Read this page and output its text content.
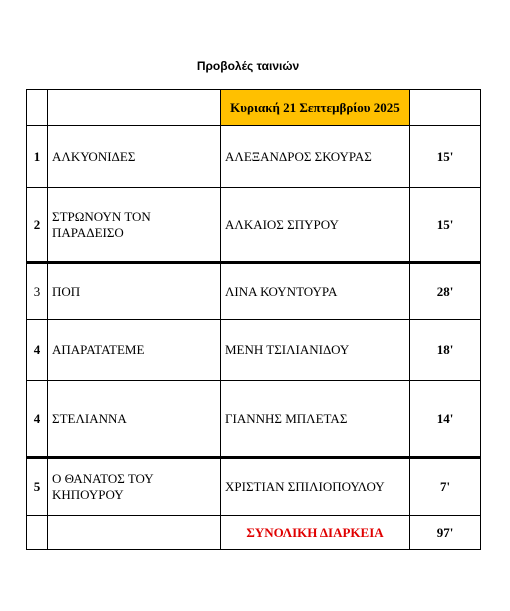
Προβολές ταινιών
		Κυριακή 21 Σεπτεμβρίου 2025	
1	ΑΛΚΥΟΝΙΔΕΣ	ΑΛΕΞΑΝΔΡΟΣ ΣΚΟΥΡΑΣ	15'
2	ΣΤΡΩΝΟΥΝ ΤΟΝ ΠΑΡΑΔΕΙΣΟ	ΑΛΚΑΙΟΣ ΣΠΥΡΟΥ	15'
3	ΠΟΠ	ΛΙΝΑ ΚΟΥΝΤΟΥΡΑ	28'
4	ΑΠΑΡΑΤΑΤΕΜΕ	ΜΕΝΗ ΤΣΙΛΙΑΝΙΔΟΥ	18'
4	ΣΤΕΛΙΑΝΝΑ	ΓΙΑΝΝΗΣ ΜΠΛΕΤΑΣ	14'
5	Ο ΘΑΝΑΤΟΣ ΤΟΥ ΚΗΠΟΥΡΟΥ	ΧΡΙΣΤΙΑΝ ΣΠΙΛΙΟΠΟΥΛΟΥ	7'
		ΣΥΝΟΛΙΚΗ ΔΙΑΡΚΕΙΑ	97'
